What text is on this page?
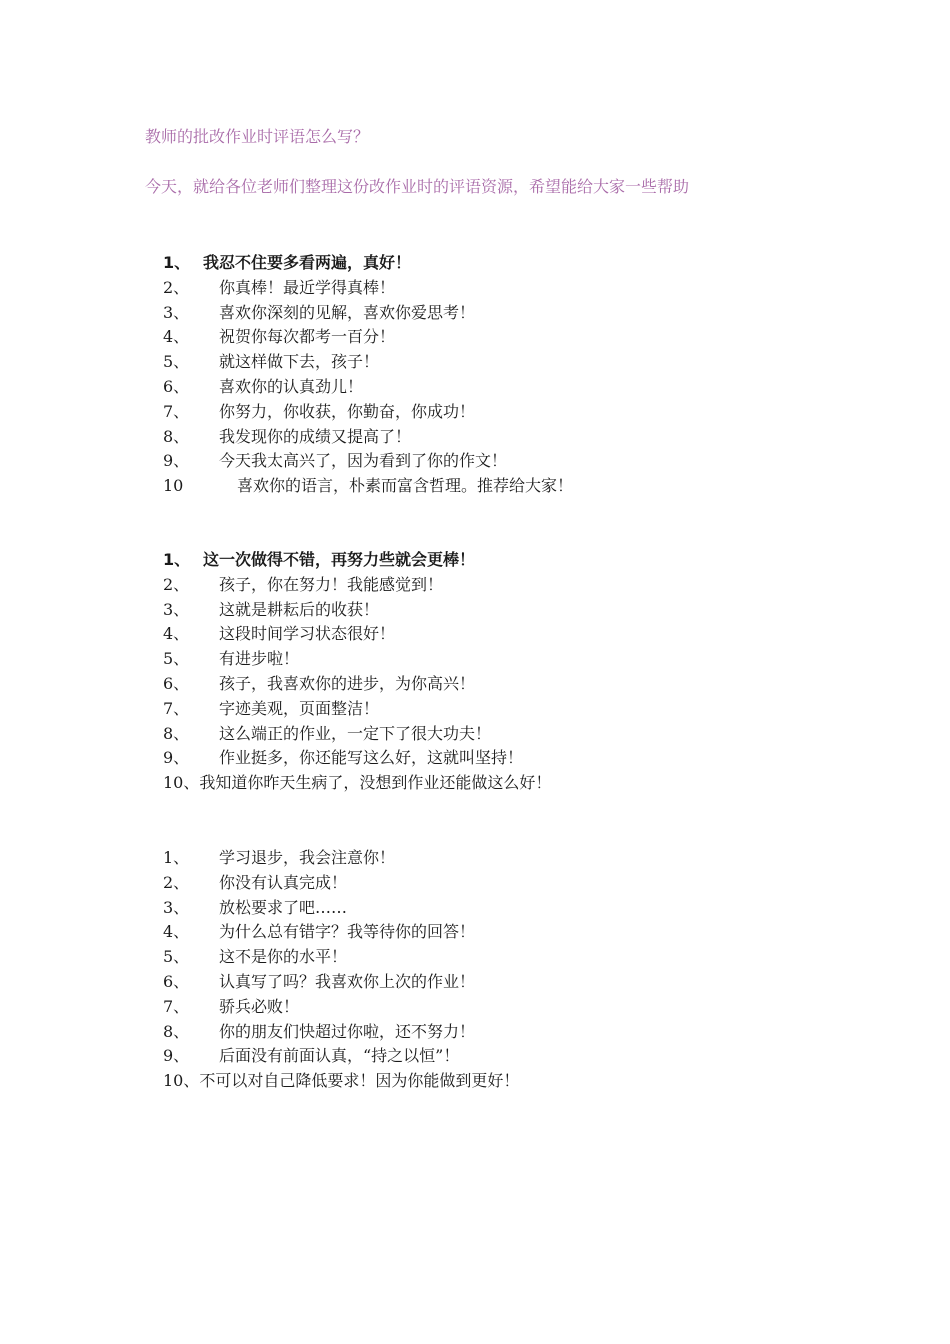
教师的批改作业时评语怎么写？
今天，就给各位老师们整理这份改作业时的评语资源，希望能给大家一些帮助
1、 我忍不住要多看两遍，真好！
2、 你真棒！最近学得真棒！
3、 喜欢你深刻的见解，喜欢你爱思考！
4、 祝贺你每次都考一百分！
5、 就这样做下去，孩子！
6、 喜欢你的认真劲儿！
7、 你努力，你收获，你勤奋，你成功！
8、 我发现你的成绩又提高了！
9、 今天我太高兴了，因为看到了你的作文！
10	喜欢你的语言，朴素而富含哲理。推荐给大家！
1、 这一次做得不错，再努力些就会更棒！
2、 孩子，你在努力！我能感觉到！
3、 这就是耕耘后的收获！
4、 这段时间学习状态很好！
5、 有进步啦！
6、 孩子，我喜欢你的进步，为你高兴！
7、 字迹美观，页面整洁！
8、 这么端正的作业，一定下了很大功夫！
9、 作业挺多，你还能写这么好，这就叫坚持！
10、我知道你昨天生病了，没想到作业还能做这么好！
1、 学习退步，我会注意你！
2、 你没有认真完成！
3、 放松要求了吧……
4、 为什么总有错字？我等待你的回答！
5、 这不是你的水平！
6、 认真写了吗？我喜欢你上次的作业！
7、 骄兵必败！
8、 你的朋友们快超过你啦，还不努力！
9、 后面没有前面认真，“持之以恒”！
10、不可以对自己降低要求！因为你能做到更好！
